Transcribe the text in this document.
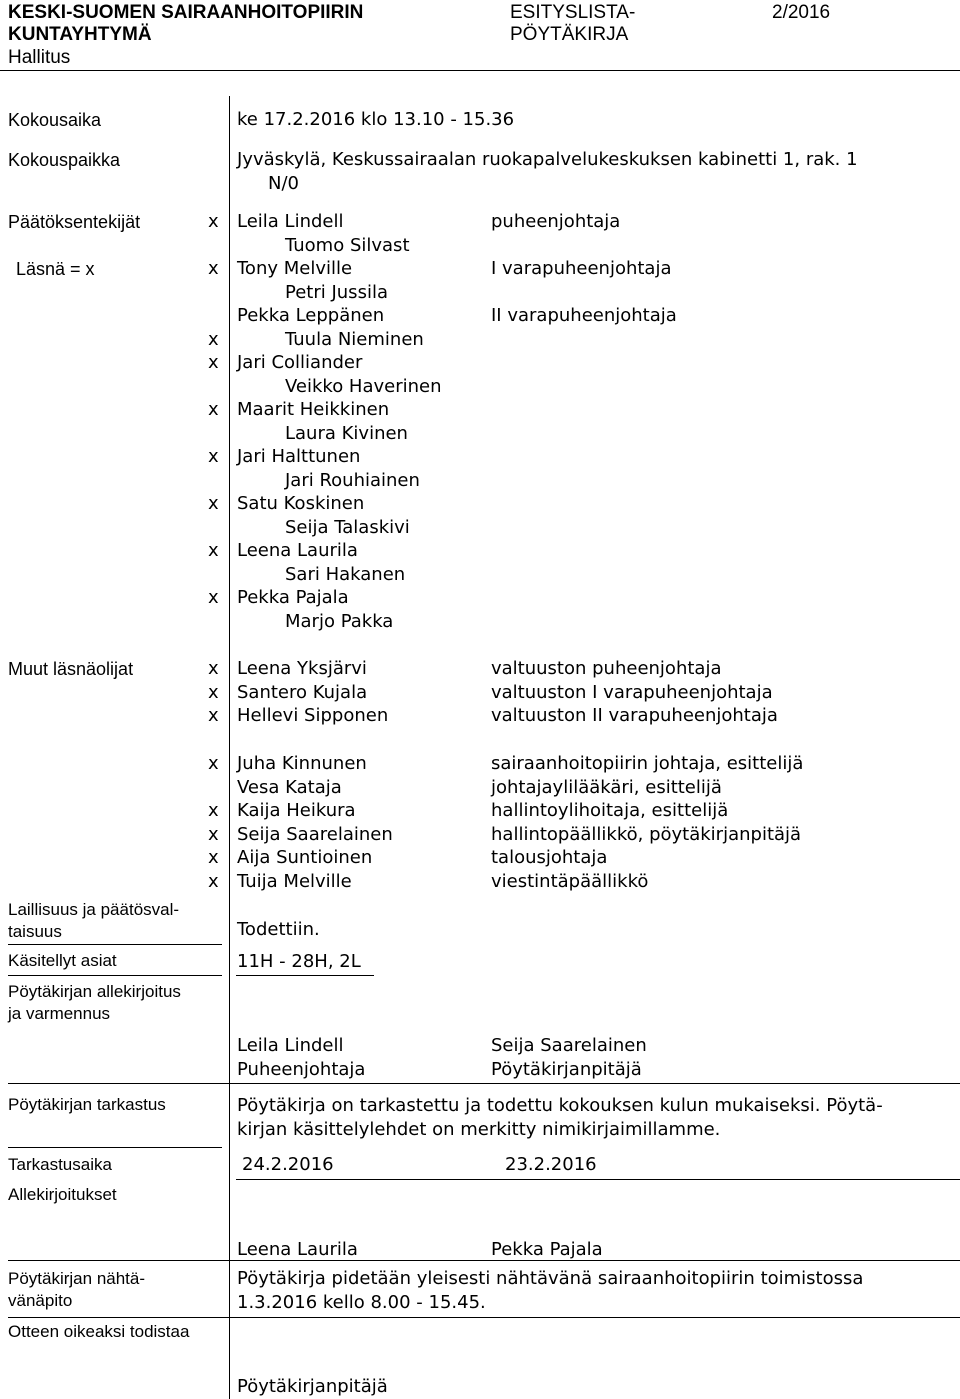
KESKI-SUOMEN SAIRAANHOITOPIIRIN
KUNTAYHTYMÄ
Hallitus
ESITYSLISTA-
PÖYTÄKIRJA
2/2016
Kokousaika	ke 17.2.2016 klo 13.10 - 15.36
Kokouspaikka	Jyväskylä, Keskussairaalan ruokapalvelukeskuksen kabinetti 1, rak. 1
N/0
Päätöksentekijät
Läsnä = x
x Leila Lindell	puheenjohtaja
Tuomo Silvast
x Tony Melville	I varapuheenjohtaja
Petri Jussila
Pekka Leppänen	II varapuheenjohtaja
x	Tuula Nieminen
x Jari Colliander
Veikko Haverinen
x Maarit Heikkinen
Laura Kivinen
x Jari Halttunen
Jari Rouhiainen
x Satu Koskinen
Seija Talaskivi
x Leena Laurila
Sari Hakanen
x Pekka Pajala
Marjo Pakka
Muut läsnäolijat	x Leena Yksjärvi	valtuuston puheenjohtaja
x Santero Kujala	valtuuston I varapuheenjohtaja
x Hellevi Sipponen	valtuuston II varapuheenjohtaja
x Juha Kinnunen	sairaanhoitopiirin johtaja, esittelijä
Vesa Kataja	johtajaylilääkäri, esittelijä
x Kaija Heikura	hallintoylihoitaja, esittelijä
x Seija Saarelainen	hallintopäällikkö, pöytäkirjanpitäjä
x Aija Suntioinen	talousjohtaja
x Tuija Melville	viestintäpäällikkö
Laillisuus ja päätösval-
taisuus	Todettiin.
Käsitellyt asiat	11H - 28H, 2L
Pöytäkirjan allekirjoitus
ja varmennus
Leila Lindell
Puheenjohtaja
Seija Saarelainen
Pöytäkirjanpitäjä
Pöytäkirjan tarkastus	Pöytäkirja on tarkastettu ja todettu kokouksen kulun mukaiseksi. Pöytä-
kirjan käsittelylehdet on merkitty nimikirjaimillamme.
Tarkastusaika	24.2.2016	23.2.2016
Allekirjoitukset
Leena Laurila	Pekka Pajala
Pöytäkirjan nähtä-
vänäpito
Pöytäkirja pidetään yleisesti nähtävänä sairaanhoitopiirin toimistossa
1.3.2016 kello 8.00 - 15.45.
Otteen oikeaksi todistaa
Pöytäkirjanpitäjä
